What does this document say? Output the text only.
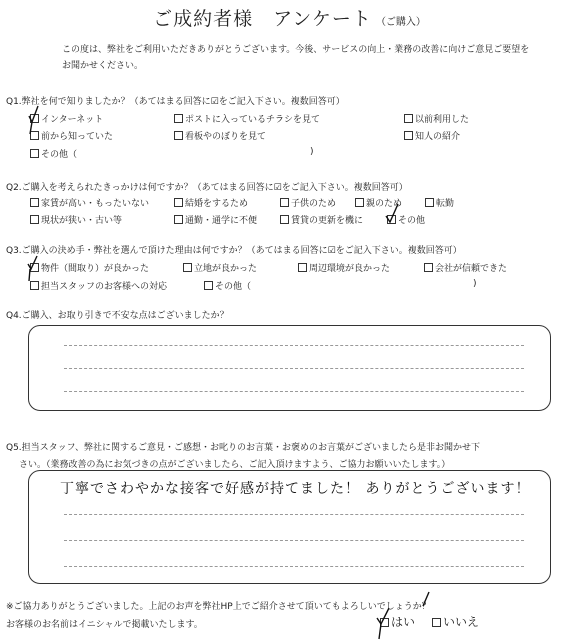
ご成約者様　アンケート （ご購入）
この度は、弊社をご利用いただきありがとうございます。今後、サービスの向上・業務の改善に向けご意見ご要望をお聞かせください。
Q1.弊社を何で知りましたか？（あてはまる回答に☑をご記入下さい。複数回答可）
インターネット	ポストに入っているチラシを見て	以前利用した
前から知っていた	看板やのぼりを見て	知人の紹介
その他（	)
Q2.ご購入を考えられたきっかけは何ですか？（あてはまる回答に☑をご記入下さい。複数回答可）
家賃が高い・もったいない	結婚をするため	子供のため	親のため	転勤
現状が狭い・古い等	通勤・通学に不便	賃貸の更新を機に	その他
Q3.ご購入の決め手・弊社を選んで頂けた理由は何ですか？（あてはまる回答に☑をご記入下さい。複数回答可）
物件（間取り）が良かった	立地が良かった	周辺環境が良かった	会社が信頼できた
担当スタッフのお客様への対応	その他（	)
Q4.ご購入、お取り引きで不安な点はございましたか？
Q5.担当スタッフ、弊社に関するご意見・ご感想・お叱りのお言葉・お褒めのお言葉がございましたら是非お聞かせ下
さい。（業務改善の為にお気づきの点がございましたら、ご記入頂けますよう、ご協力お願いいたします。）
丁寧でさわやかな接客で好感が持てました！ ありがとうございます！
※ご協力ありがとうございました。上記のお声を弊社HP上でご紹介させて頂いてもよろしいでしょうか？
お客様のお名前はイニシャルで掲載いたします。	はい	いいえ
